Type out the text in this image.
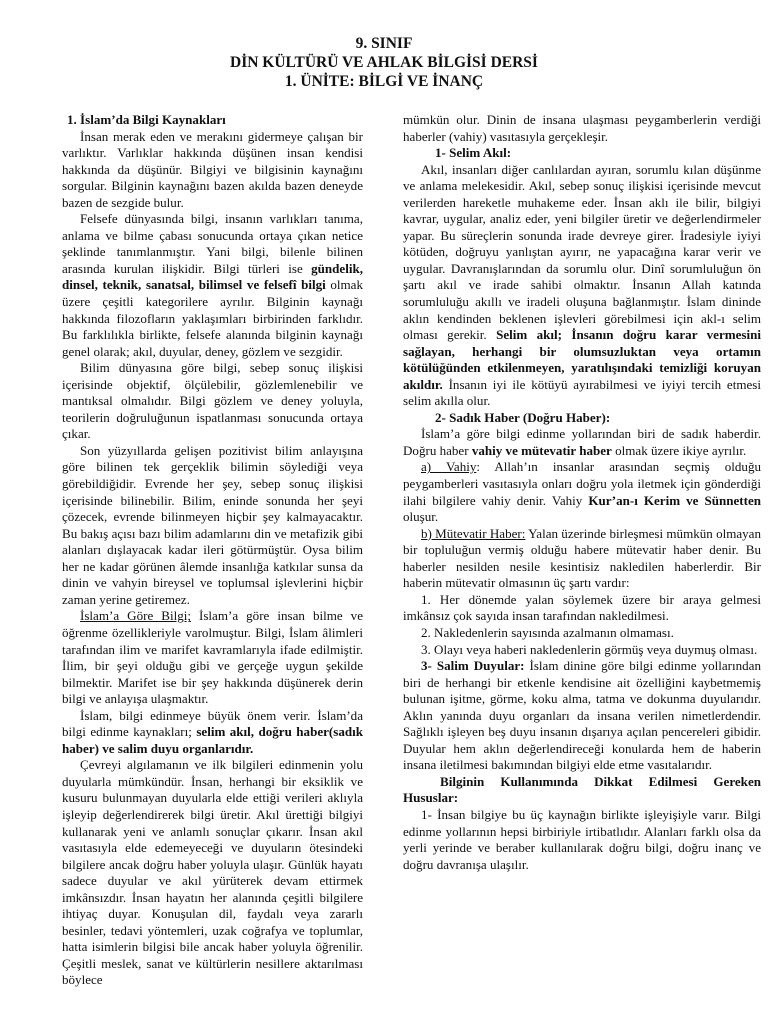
9. SINIF
DİN KÜLTÜRÜ VE AHLAK BİLGİSİ DERSİ
1. ÜNİTE: BİLGİ VE İNANÇ

1. İslam’da Bilgi Kaynakları

İnsan merak eden ve merakını gidermeye çalışan bir varlıktır. Varlıklar hakkında düşünen insan kendisi hakkında da düşünür. Bilgiyi ve bilgisinin kaynağını sorgular. Bilginin kaynağını bazen akılda bazen deneyde bazen de sezgide bulur.

Felsefe dünyasında bilgi, insanın varlıkları tanıma, anlama ve bilme çabası sonucunda ortaya çıkan netice şeklinde tanımlanmıştır. Yani bilgi, bilenle bilinen arasında kurulan ilişkidir. Bilgi türleri ise gündelik, dinsel, teknik, sanatsal, bilimsel ve felsefî bilgi olmak üzere çeşitli kategorilere ayrılır. Bilginin kaynağı hakkında filozofların yaklaşımları birbirinden farklıdır. Bu farklılıkla birlikte, felsefe alanında bilginin kaynağı genel olarak; akıl, duyular, deney, gözlem ve sezgidir.

Bilim dünyasına göre bilgi, sebep sonuç ilişkisi içerisinde objektif, ölçülebilir, gözlemlenebilir ve mantıksal olmalıdır. Bilgi gözlem ve deney yoluyla, teorilerin doğruluğunun ispatlanması sonucunda ortaya çıkar.

Son yüzyıllarda gelişen pozitivist bilim anlayışına göre bilinen tek gerçeklik bilimin söylediği veya görebildiğidir. Evrende her şey, sebep sonuç ilişkisi içerisinde bilinebilir. Bilim, eninde sonunda her şeyi çözecek, evrende bilinmeyen hiçbir şey kalmayacaktır. Bu bakış açısı bazı bilim adamlarını din ve metafizik gibi alanları dışlayacak kadar ileri götürmüştür. Oysa bilim her ne kadar görünen âlemde insanlığa katkılar sunsa da dinin ve vahyin bireysel ve toplumsal işlevlerini hiçbir zaman yerine getiremez.

İslam’a Göre Bilgi; İslam’a göre insan bilme ve öğrenme özellikleriyle varolmuştur. Bilgi, İslam âlimleri tarafından ilim ve marifet kavramlarıyla ifade edilmiştir. İlim, bir şeyi olduğu gibi ve gerçeğe uygun şekilde bilmektir. Marifet ise bir şey hakkında düşünerek derin bilgi ve anlayışa ulaşmaktır.

İslam, bilgi edinmeye büyük önem verir. İslam’da bilgi edinme kaynakları; selim akıl, doğru haber(sadık haber) ve salim duyu organlarıdır.

Çevreyi algılamanın ve ilk bilgileri edinmenin yolu duyularla mümkündür. İnsan, herhangi bir eksiklik ve kusuru bulunmayan duyularla elde ettiği verileri aklıyla işleyip değerlendirerek bilgi üretir. Akıl ürettiği bilgiyi kullanarak yeni ve anlamlı sonuçlar çıkarır. İnsan akıl vasıtasıyla elde edemeyeceği ve duyuların ötesindeki bilgilere ancak doğru haber yoluyla ulaşır. Günlük hayatı sadece duyular ve akıl yürüterek devam ettirmek imkânsızdır. İnsan hayatın her alanında çeşitli bilgilere ihtiyaç duyar. Konuşulan dil, faydalı veya zararlı besinler, tedavi yöntemleri, uzak coğrafya ve toplumlar, hatta isimlerin bilgisi bile ancak haber yoluyla öğrenilir. Çeşitli meslek, sanat ve kültürlerin nesillere aktarılması böylece

mümkün olur. Dinin de insana ulaşması peygamberlerin verdiği haberler (vahiy) vasıtasıyla gerçekleşir.

1- Selim Akıl:

Akıl, insanları diğer canlılardan ayıran, sorumlu kılan düşünme ve anlama melekesidir. Akıl, sebep sonuç ilişkisi içerisinde mevcut verilerden hareketle muhakeme eder. İnsan aklı ile bilir, bilgiyi kavrar, uygular, analiz eder, yeni bilgiler üretir ve değerlendirmeler yapar. Bu süreçlerin sonunda irade devreye girer. İradesiyle iyiyi kötüden, doğruyu yanlıştan ayırır, ne yapacağına karar verir ve uygular. Davranışlarından da sorumlu olur. Dinî sorumluluğun ön şartı akıl ve irade sahibi olmaktır. İnsanın Allah katında sorumluluğu akıllı ve iradeli oluşuna bağlanmıştır. İslam dininde aklın kendinden beklenen işlevleri görebilmesi için akl-ı selim olması gerekir. Selim akıl; İnsanın doğru karar vermesini sağlayan, herhangi bir olumsuzluktan veya ortamın kötülüğünden etkilenmeyen, yaratılışındaki temizliği koruyan akıldır. İnsanın iyi ile kötüyü ayırabilmesi ve iyiyi tercih etmesi selim akılla olur.

2- Sadık Haber (Doğru Haber):

İslam’a göre bilgi edinme yollarından biri de sadık haberdir. Doğru haber vahiy ve mütevatir haber olmak üzere ikiye ayrılır.

a) Vahiy: Allah’ın insanlar arasından seçmiş olduğu peygamberleri vasıtasıyla onları doğru yola iletmek için gönderdiği ilahi bilgilere vahiy denir. Vahiy Kur’an-ı Kerim ve Sünnetten oluşur.

b) Mütevatir Haber: Yalan üzerinde birleşmesi mümkün olmayan bir topluluğun vermiş olduğu habere mütevatir haber denir. Bu haberler nesilden nesile kesintisiz nakledilen haberlerdir. Bir haberin mütevatir olmasının üç şartı vardır:

1. Her dönemde yalan söylemek üzere bir araya gelmesi imkânsız çok sayıda insan tarafından nakledilmesi.

2. Nakledenlerin sayısında azalmanın olmaması.

3. Olayı veya haberi nakledenlerin görmüş veya duymuş olması.

3- Salim Duyular: İslam dinine göre bilgi edinme yollarından biri de herhangi bir etkenle kendisine ait özelliğini kaybetmemiş bulunan işitme, görme, koku alma, tatma ve dokunma duyularıdır. Aklın yanında duyu organları da insana verilen nimetlerdendir. Sağlıklı işleyen beş duyu insanın dışarıya açılan pencereleri gibidir. Duyular hem aklın değerlendireceği konularda hem de haberin insana iletilmesi bakımından bilgiyi elde etme vasıtalarıdır.

Bilginin Kullanımında Dikkat Edilmesi Gereken Hususlar:

1- İnsan bilgiye bu üç kaynağın birlikte işleyişiyle varır. Bilgi edinme yollarının hepsi birbiriyle irtibatlıdır. Alanları farklı olsa da yerli yerinde ve beraber kullanılarak doğru bilgi, doğru inanç ve doğru davranışa ulaşılır.
